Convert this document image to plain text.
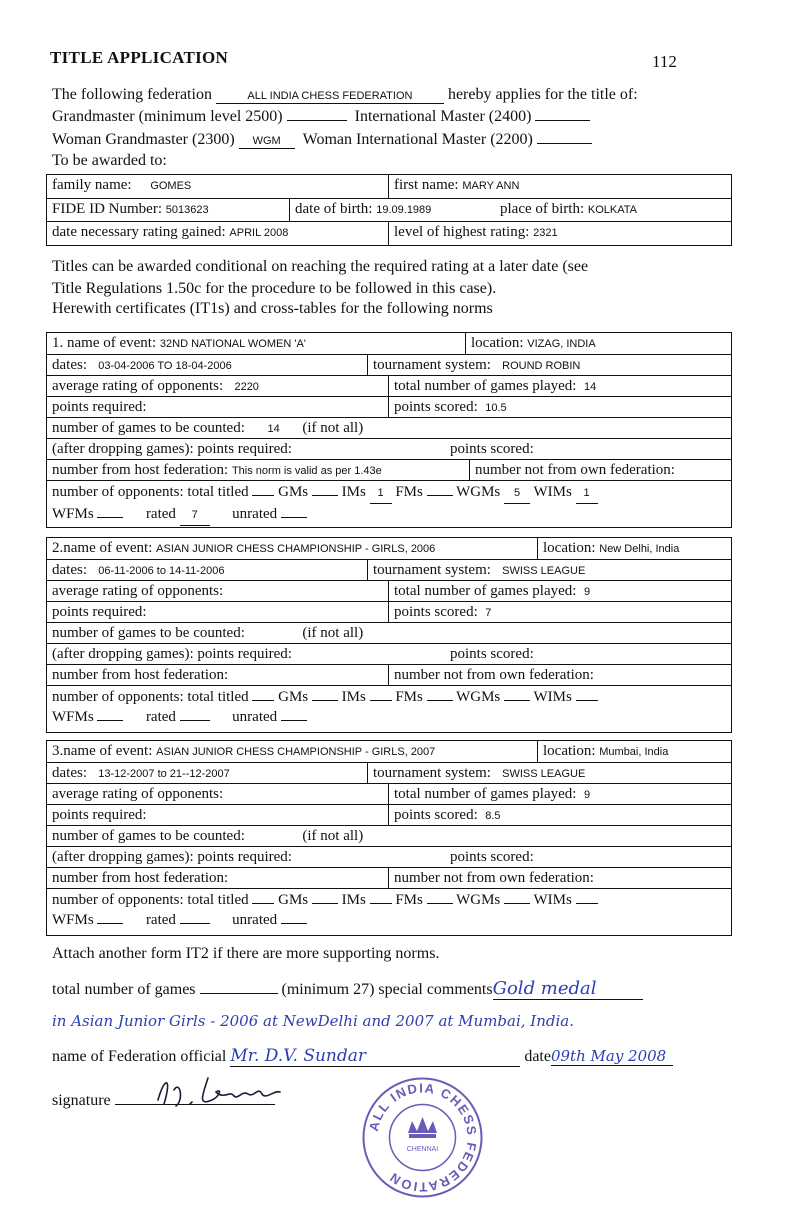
TITLE APPLICATION	112
The following federation	ALL INDIA CHESS FEDERATION hereby applies for the title of:
Grandmaster (minimum level 2500)	International Master (2400)
Woman Grandmaster (2300) WGM Woman International Master (2200)
To be awarded to:
family name: GOMES	first name: MARY ANN
FIDE ID Number: 5013623	date of birth: 19.09.1989	place of birth: KOLKATA
date necessary rating gained: APRIL 2008	level of highest rating: 2321
Titles can be awarded conditional on reaching the required rating at a later date (see
Title Regulations 1.50c for the procedure to be followed in this case).
Herewith certificates (IT1s) and cross-tables for the following norms
1. name of event: 32ND NATIONAL WOMEN 'A'	location: VIZAG, INDIA
dates: 03-04-2006 TO 18-04-2006	tournament system: ROUND ROBIN
average rating of opponents: 2220	total number of games played: 14
points required:	points scored: 10.5
number of games to be counted: 14 (if not all)
(after dropping games): points required:	points scored:
number from host federation: This norm is valid as per 1.43e	number not from own federation:
number of opponents: total titled GMs IMs 1 FMs WGMs 5 WIMs 1
WFMs	rated 7 unrated
2.name of event: ASIAN JUNIOR CHESS CHAMPIONSHIP - GIRLS, 2006	location: New Delhi, India
dates: 06-11-2006 to 14-11-2006	tournament system: SWISS LEAGUE
average rating of opponents:	total number of games played: 9
points required:	points scored: 7
number of games to be counted:	(if not all)
(after dropping games): points required:	points scored:
number from host federation:	number not from own federation:
number of opponents: total titled GMs IMs FMs WGMs WIMs
WFMs	rated	unrated
3.name of event: ASIAN JUNIOR CHESS CHAMPIONSHIP - GIRLS, 2007	location: Mumbai, India
dates: 13-12-2007 to 21--12-2007	tournament system: SWISS LEAGUE
average rating of opponents:	total number of games played: 9
points required:	points scored: 8.5
number of games to be counted:	(if not all)
(after dropping games): points required:	points scored:
number from host federation:	number not from own federation:
number of opponents: total titled GMs IMs FMs WGMs WIMs
WFMs	rated	unrated
Attach another form IT2 if there are more supporting norms.
total number of games	(minimum 27) special commentsGold medal
in Asian Junior Girls - 2006 at NewDelhi and 2007 at Mumbai, India.
name of Federation official Mr. D.V. Sundar	date09th May 2008
signature
ALL INDIA CHESS FEDERATION
CHENNAI
